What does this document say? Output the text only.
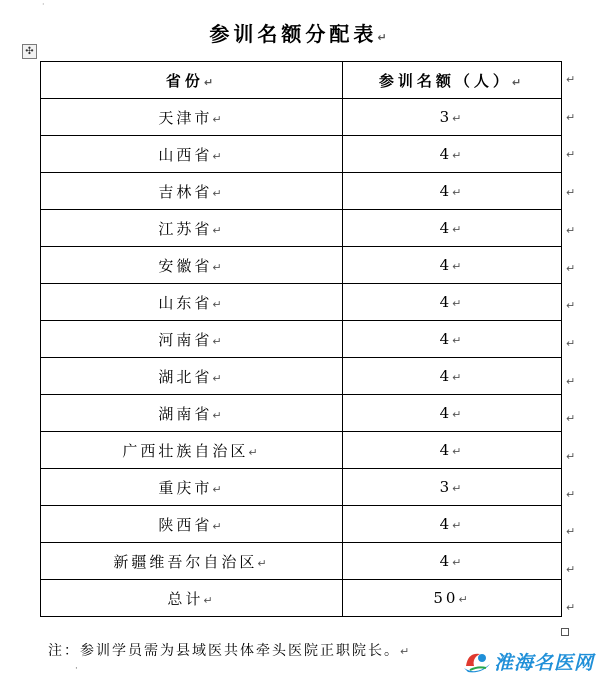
·
参训名额分配表↵
✣
省份↵	参训名额（人）↵
天津市↵	3↵
山西省↵	4↵
吉林省↵	4↵
江苏省↵	4↵
安徽省↵	4↵
山东省↵	4↵
河南省↵	4↵
湖北省↵	4↵
湖南省↵	4↵
广西壮族自治区↵	4↵
重庆市↵	3↵
陕西省↵	4↵
新疆维吾尔自治区↵	4↵
总计↵	50↵
↵
↵
↵
↵
↵
↵
↵
↵
↵
↵
↵
↵
↵
↵
↵
注：参训学员需为县域医共体牵头医院正职院长。↵
·	淮海名医网
